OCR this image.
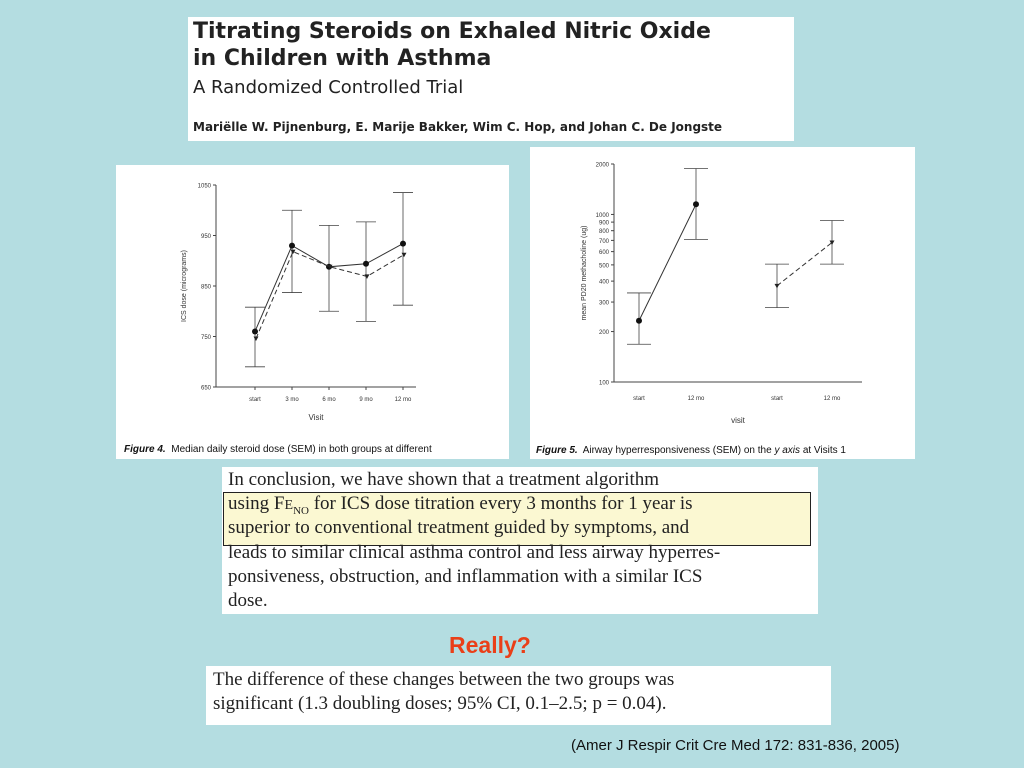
Titrating Steroids on Exhaled Nitric Oxide
in Children with Asthma
A Randomized Controlled Trial
Mariëlle W. Pijnenburg, E. Marije Bakker, Wim C. Hop, and Johan C. De Jongste
650
750
850
950
1050
start	3 mo	6 mo	9 mo	12 mo
Visit
ICS dose (micrograms)
Figure 4. Median daily steroid dose (SEM) in both groups at different
100
200
300
400
500
600
700
800
900
1000
2000
start	12 mo	start	12 mo
visit
mean PD20 methacholine (ug)
Figure 5. Airway hyperresponsiveness (SEM) on the y axis at Visits 1
In conclusion, we have shown that a treatment algorithm
using $FE_{NO}$ for ICS dose titration every 3 months for 1 year is
superior to conventional treatment guided by symptoms, and
leads to similar clinical asthma control and less airway hyperres-
ponsiveness, obstruction, and inflammation with a similar ICS
dose.
Really?
The difference of these changes between the two groups was
significant (1.3 doubling doses; 95% CI, 0.1–2.5; p = 0.04).
(Amer J Respir Crit Cre Med 172: 831-836, 2005)
